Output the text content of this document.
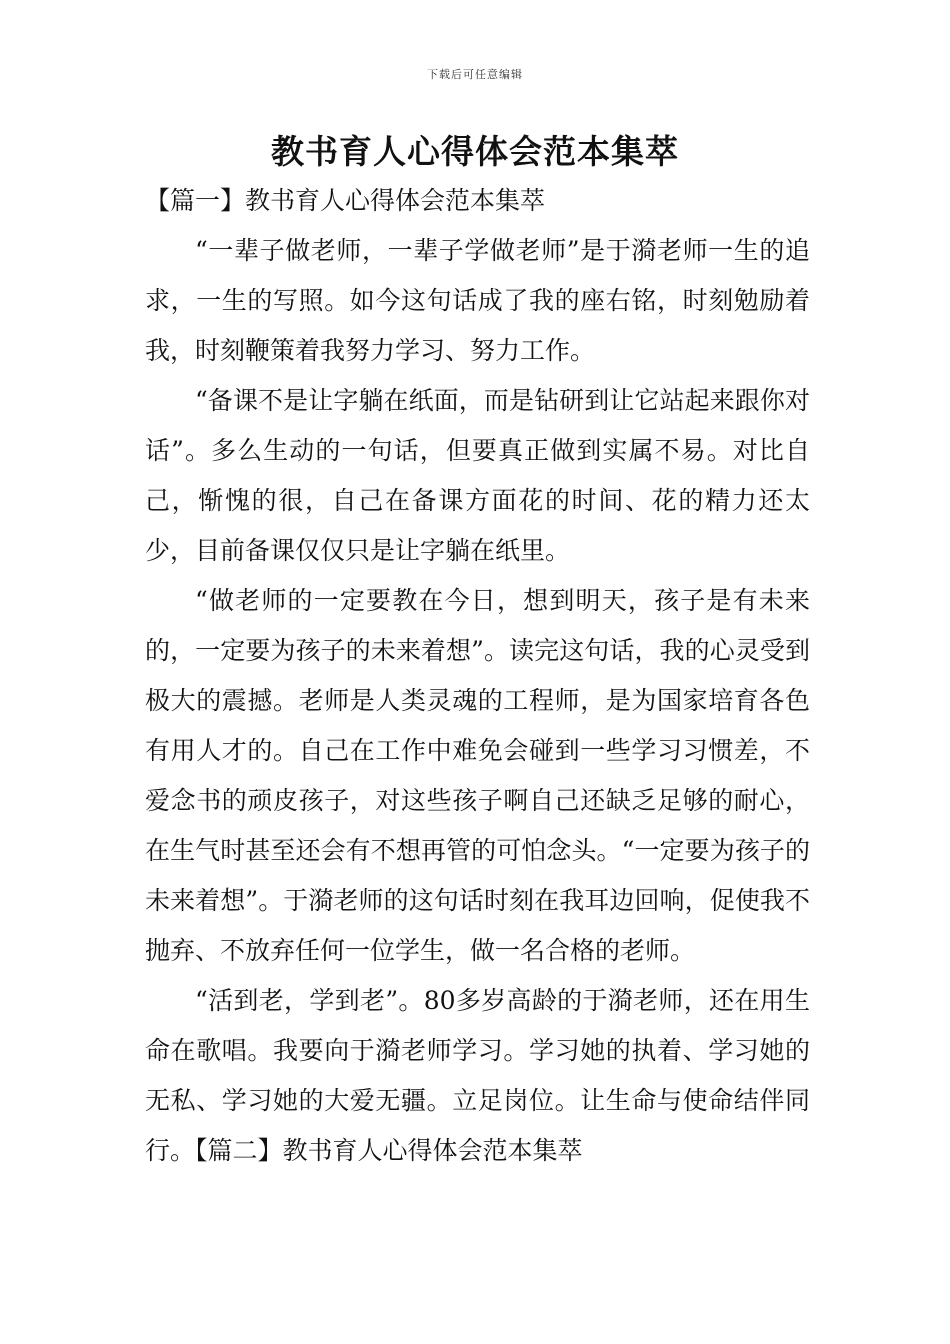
下载后可任意编辑
教书育人心得体会范本集萃

【篇一】教书育人心得体会范本集萃

“一辈子做老师，一辈子学做老师”是于漪老师一生的追求，一生的写照。如今这句话成了我的座右铭，时刻勉励着我，时刻鞭策着我努力学习、努力工作。

“备课不是让字躺在纸面，而是钻研到让它站起来跟你对话”。多么生动的一句话，但要真正做到实属不易。对比自己，惭愧的很，自己在备课方面花的时间、花的精力还太少，目前备课仅仅只是让字躺在纸里。

“做老师的一定要教在今日，想到明天，孩子是有未来的，一定要为孩子的未来着想”。读完这句话，我的心灵受到极大的震撼。老师是人类灵魂的工程师，是为国家培育各色有用人才的。自己在工作中难免会碰到一些学习习惯差，不爱念书的顽皮孩子，对这些孩子啊自己还缺乏足够的耐心，在生气时甚至还会有不想再管的可怕念头。“一定要为孩子的未来着想”。于漪老师的这句话时刻在我耳边回响，促使我不抛弃、不放弃任何一位学生，做一名合格的老师。

“活到老，学到老”。80多岁高龄的于漪老师，还在用生命在歌唱。我要向于漪老师学习。学习她的执着、学习她的无私、学习她的大爱无疆。立足岗位。让生命与使命结伴同行。【篇二】教书育人心得体会范本集萃
